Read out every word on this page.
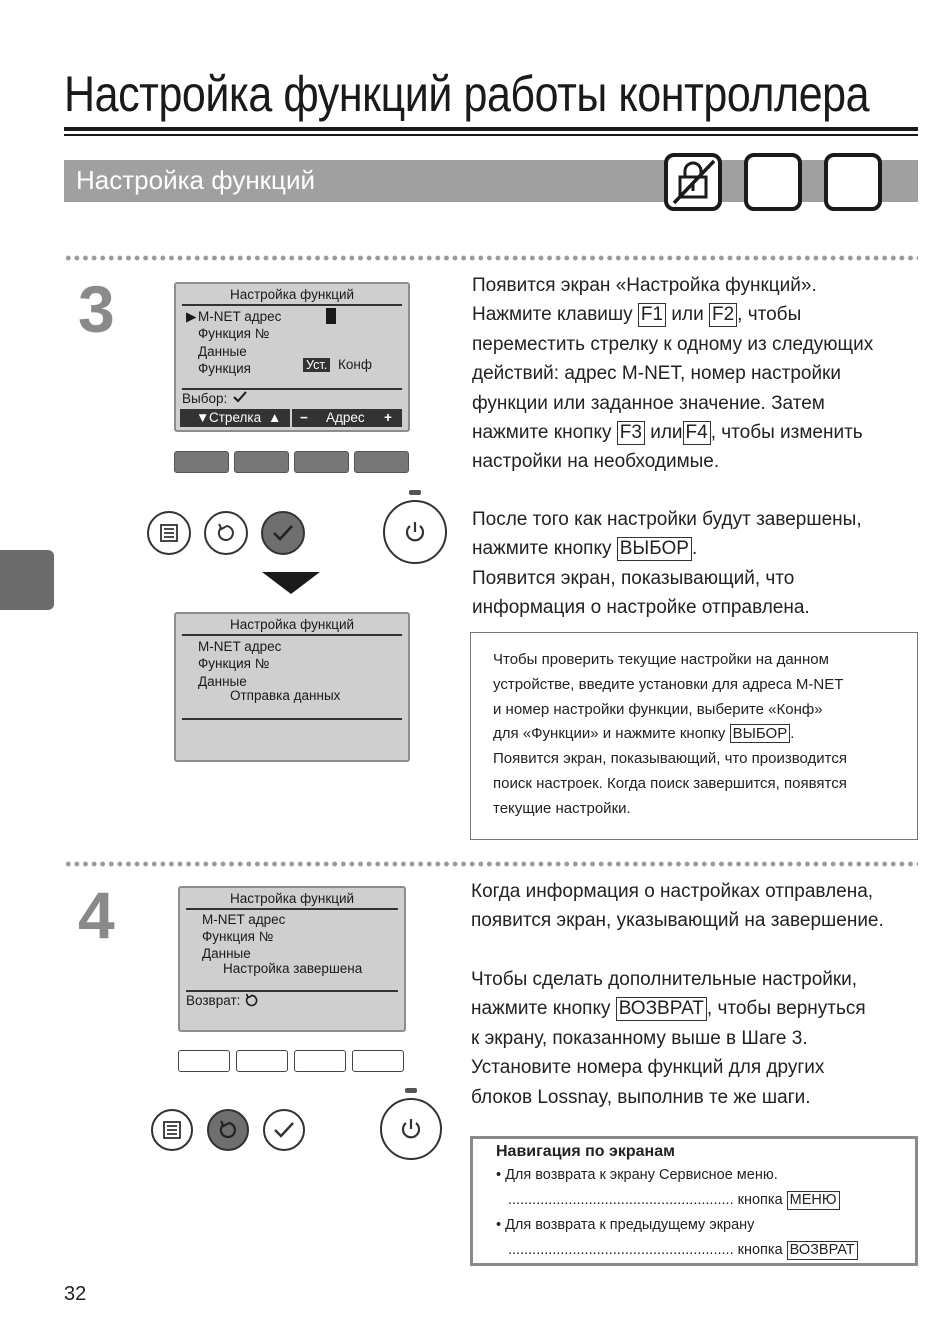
Настройка функций работы контроллера
Настройка функций
3	Настройка функций
▶ M-NET адрес
Функция №
Данные
Функция	Уст. Конф
Выбор:
▼ Стрелка ▲ − Адрес +
Настройка функций
M-NET адрес
Функция №
Данные
Отправка данных
Появится экран «Настройка функций».
Нажмите клавишу F1 или F2 , чтобы
переместить стрелку к одному из следующих
действий: адрес M-NET, номер настройки
функции или заданное значение. Затем
нажмите кнопку F3 или F4 , чтобы изменить
настройки на необходимые.
После того как настройки будут завершены,
нажмите кнопку ВЫБОР .
Появится экран, показывающий, что
информация о настройке отправлена.
Чтобы проверить текущие настройки на данном
устройстве, введите установки для адреса M-NET
и номер настройки функции, выберите «Конф»
для «Функции» и нажмите кнопку ВЫБОР .
Появится экран, показывающий, что производится
поиск настроек. Когда поиск завершится, появятся
текущие настройки.
4	Настройка функций
M-NET адрес
Функция №
Данные
Настройка завершена
Возврат:
Когда информация о настройках отправлена,
появится экран, указывающий на завершение.
Чтобы сделать дополнительные настройки,
нажмите кнопку ВОЗВРАТ , чтобы вернуться
к экрану, показанному выше в Шаге 3.
Установите номера функций для других
блоков Lossnay, выполнив те же шаги.
Навигация по экранам
• Для возврата к экрану Сервисное меню.
........................................................ кнопка МЕНЮ
• Для возврата к предыдущему экрану
........................................................ кнопка ВОЗВРАТ
32
